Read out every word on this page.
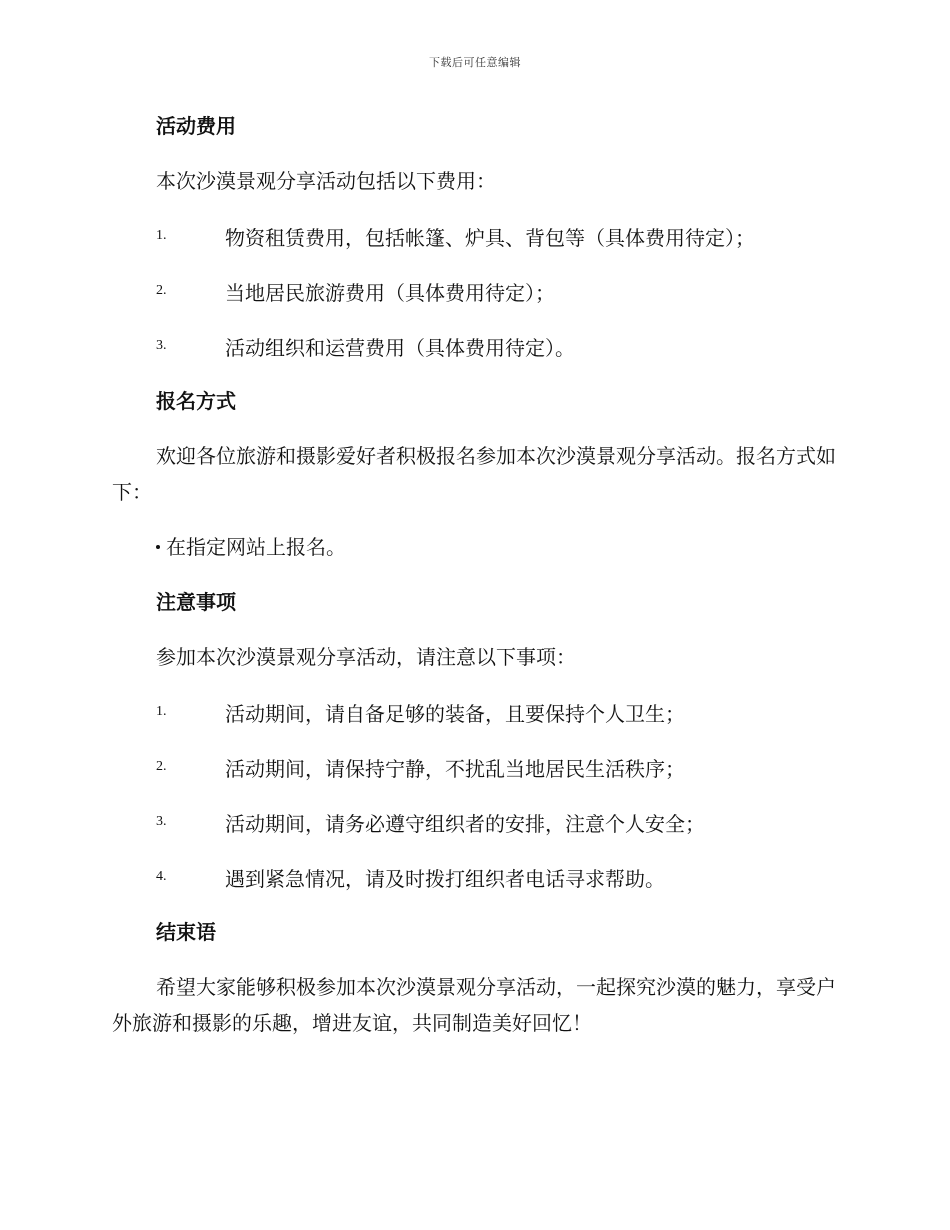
下载后可任意编辑
活动费用

本次沙漠景观分享活动包括以下费用：

1.	物资租赁费用，包括帐篷、炉具、背包等（具体费用待定）；
2.	当地居民旅游费用（具体费用待定）；
3.	活动组织和运营费用（具体费用待定）。
报名方式

欢迎各位旅游和摄影爱好者积极报名参加本次沙漠景观分享活动。报名方式如下：

在指定网站上报名。
注意事项

参加本次沙漠景观分享活动，请注意以下事项：

1.	活动期间，请自备足够的装备，且要保持个人卫生；
2.	活动期间，请保持宁静，不扰乱当地居民生活秩序；
3.	活动期间，请务必遵守组织者的安排，注意个人安全；
4.	遇到紧急情况，请及时拨打组织者电话寻求帮助。
结束语

希望大家能够积极参加本次沙漠景观分享活动，一起探究沙漠的魅力，享受户外旅游和摄影的乐趣，增进友谊，共同制造美好回忆！
